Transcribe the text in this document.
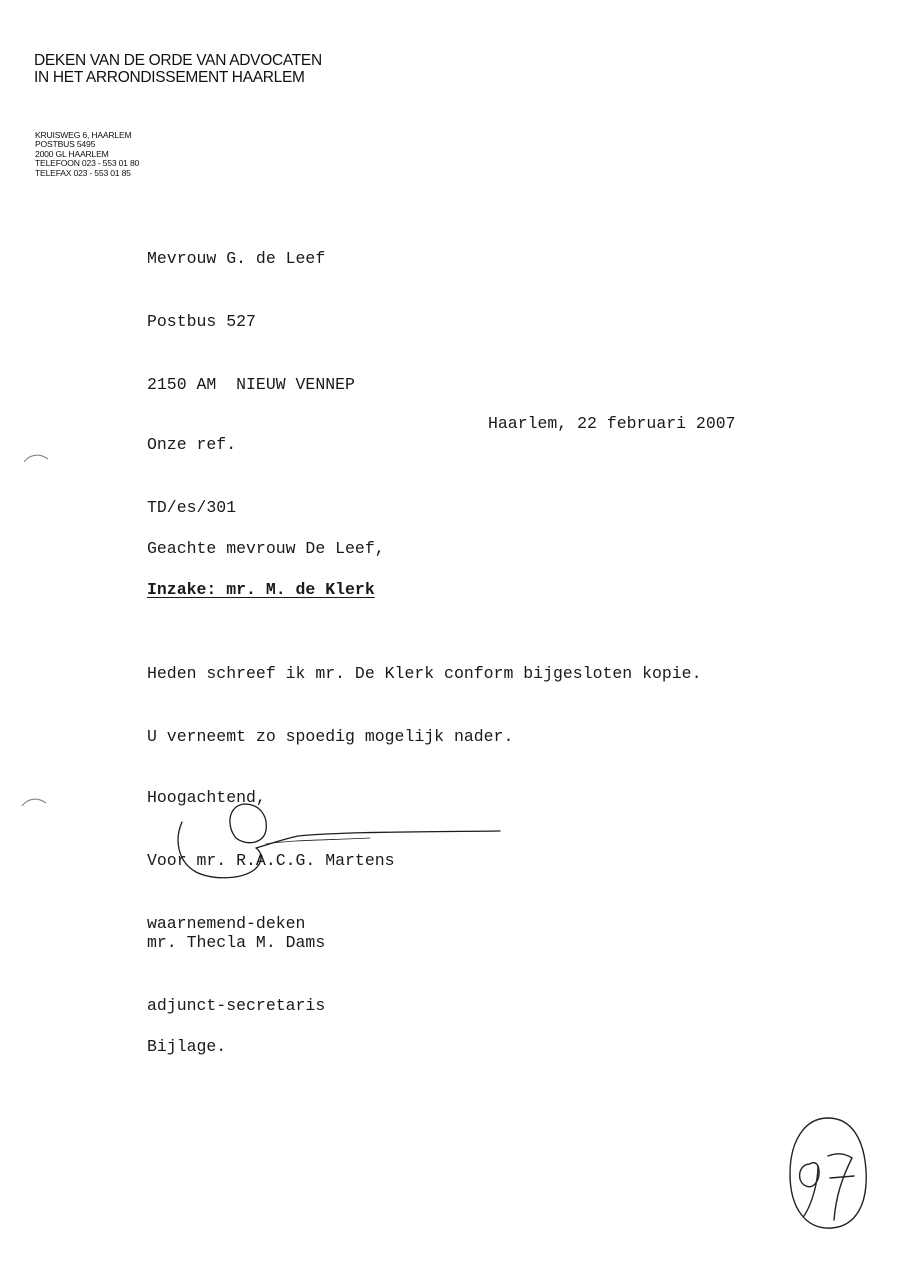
DEKEN VAN DE ORDE VAN ADVOCATEN
IN HET ARRONDISSEMENT HAARLEM
KRUISWEG 6, HAARLEM
POSTBUS 5495
2000 GL HAARLEM
TELEFOON 023 - 553 01 80
TELEFAX 023 - 553 01 85

Mevrouw G. de Leef

Postbus 527

2150 AM  NIEUW VENNEP

Onze ref.

TD/es/301

Haarlem, 22 februari 2007
Geachte mevrouw De Leef,
Inzake: mr. M. de Klerk

Heden schreef ik mr. De Klerk conform bijgesloten kopie.

U verneemt zo spoedig mogelijk nader.

Hoogachtend,

Voor mr. R.A.C.G. Martens

waarnemend-deken

mr. Thecla M. Dams

adjunct-secretaris

Bijlage.
